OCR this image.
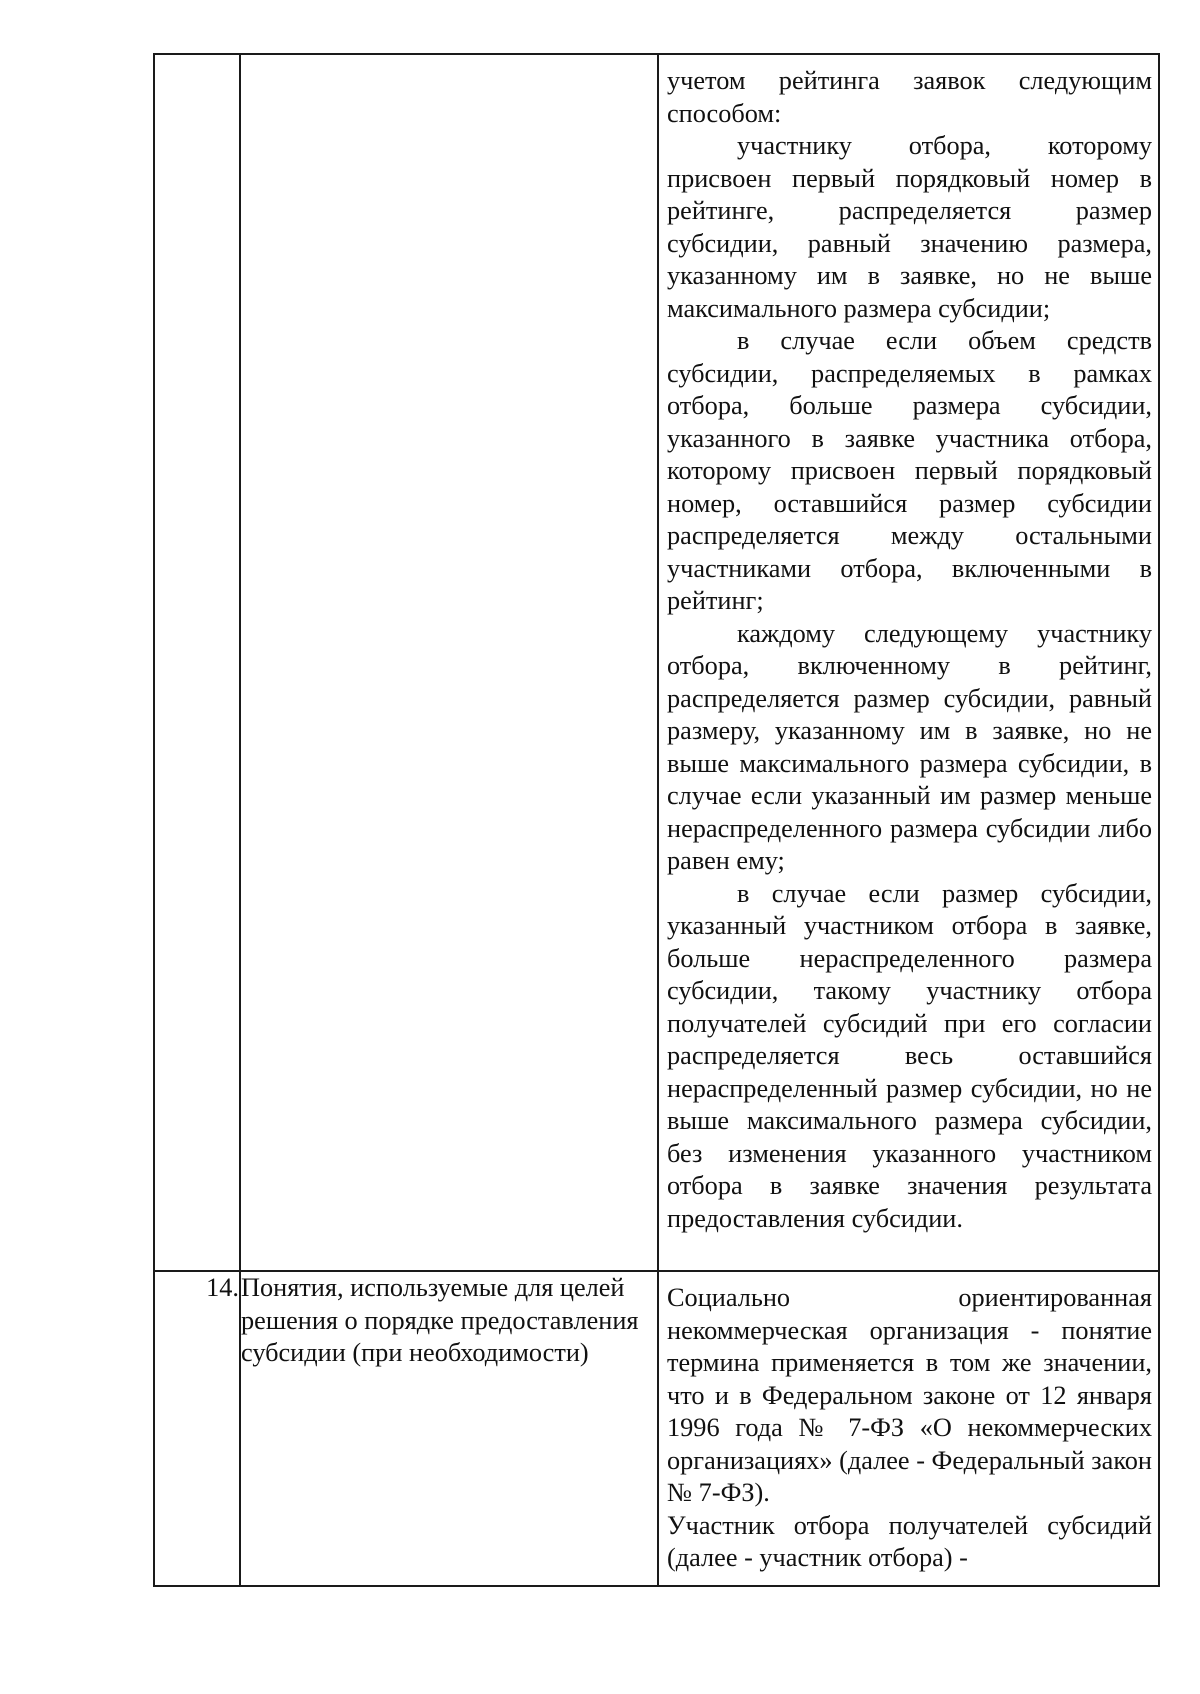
		учетом рейтинга заявок следующим способом:

участнику отбора, которому присвоен первый порядковый номер в рейтинге, распределяется размер субсидии, равный значению размера, указанному им в заявке, но не выше максимального размера субсидии;

в случае если объем средств субсидии, распределяемых в рамках отбора, больше размера субсидии, указанного в заявке участника отбора, которому присвоен первый порядковый номер, оставшийся размер субсидии распределяется между остальными участниками отбора, включенными в рейтинг;

каждому следующему участнику отбора, включенному в рейтинг, распределяется размер субсидии, равный размеру, указанному им в заявке, но не выше максимального размера субсидии, в случае если указанный им размер меньше нераспределенного размера субсидии либо равен ему;

в случае если размер субсидии, указанный участником отбора в заявке, больше нераспределенного размера субсидии, такому участнику отбора получателей субсидий при его согласии распределяется весь оставшийся нераспределенный размер субсидии, но не выше максимального размера субсидии, без изменения указанного участником отбора в заявке значения результата предоставления субсидии.

14.	Понятия, используемые для целей решения о порядке предоставления субсидии (при необходимости)	Социально ориентированная некоммерческая организация - понятие термина применяется в том же значении, что и в Федеральном законе от 12 января 1996 года № 7-ФЗ «О некоммерческих организациях» (далее - Федеральный закон № 7-ФЗ).

Участник отбора получателей субсидий (далее - участник отбора) -
